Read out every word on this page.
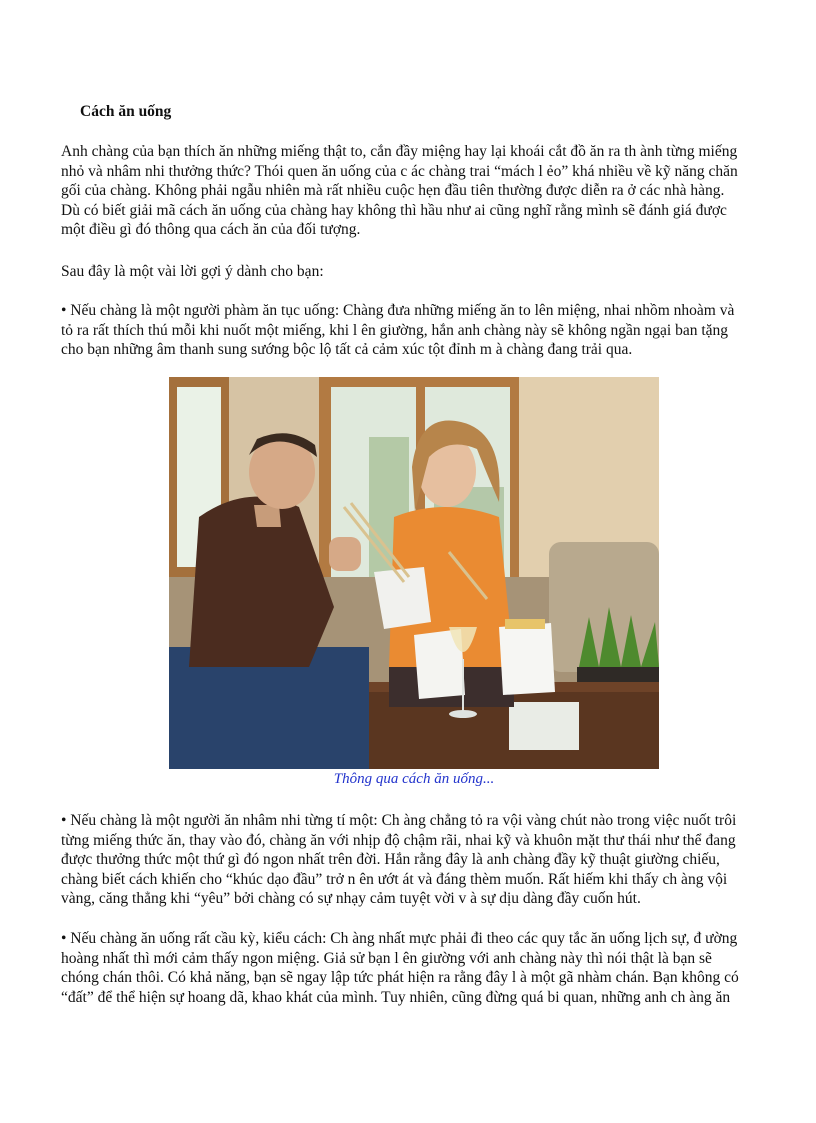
Cách ăn uống

Anh chàng của bạn thích ăn những miếng thật to, cắn đầy miệng hay lại khoái cắt đồ ăn ra th ành từng miếng
nhỏ và nhâm nhi thưởng thức? Thói quen ăn uống của c ác chàng trai “mách l ẻo” khá nhiều về kỹ năng chăn
gối của chàng. Không phải ngẫu nhiên mà rất nhiều cuộc hẹn đầu tiên thường được diễn ra ở các nhà hàng.
Dù có biết giải mã cách ăn uống của chàng hay không thì hầu như ai cũng nghĩ rằng mình sẽ đánh giá được
một điều gì đó thông qua cách ăn của đối tượng.

Sau đây là một vài lời gợi ý dành cho bạn:

• Nếu chàng là một người phàm ăn tục uống: Chàng đưa những miếng ăn to lên miệng, nhai nhồm nhoàm và
tỏ ra rất thích thú mỗi khi nuốt một miếng, khi l ên giường, hắn anh chàng này sẽ không ngần ngại ban tặng
cho bạn những âm thanh sung sướng bộc lộ tất cả cảm xúc tột đỉnh m à chàng đang trải qua.

Thông qua cách ăn uống...

• Nếu chàng là một người ăn nhâm nhi từng tí một: Ch àng chẳng tỏ ra vội vàng chút nào trong việc nuốt trôi
từng miếng thức ăn, thay vào đó, chàng ăn với nhịp độ chậm rãi, nhai kỹ và khuôn mặt thư thái như thể đang
được thưởng thức một thứ gì đó ngon nhất trên đời. Hắn rằng đây là anh chàng đầy kỹ thuật giường chiếu,
chàng biết cách khiến cho “khúc dạo đầu” trở n ên ướt át và đáng thèm muốn. Rất hiếm khi thấy ch àng vội
vàng, căng thẳng khi “yêu” bởi chàng có sự nhạy cảm tuyệt vời v à sự dịu dàng đầy cuốn hút.

• Nếu chàng ăn uống rất cầu kỳ, kiểu cách: Ch àng nhất mực phải đi theo các quy tắc ăn uống lịch sự, đ ường
hoàng nhất thì mới cảm thấy ngon miệng. Giả sử bạn l ên giường với anh chàng này thì nói thật là bạn sẽ
chóng chán thôi. Có khả năng, bạn sẽ ngay lập tức phát hiện ra rằng đây l à một gã nhàm chán. Bạn không có
“đất” để thể hiện sự hoang dã, khao khát của mình. Tuy nhiên, cũng đừng quá bi quan, những anh ch àng ăn
